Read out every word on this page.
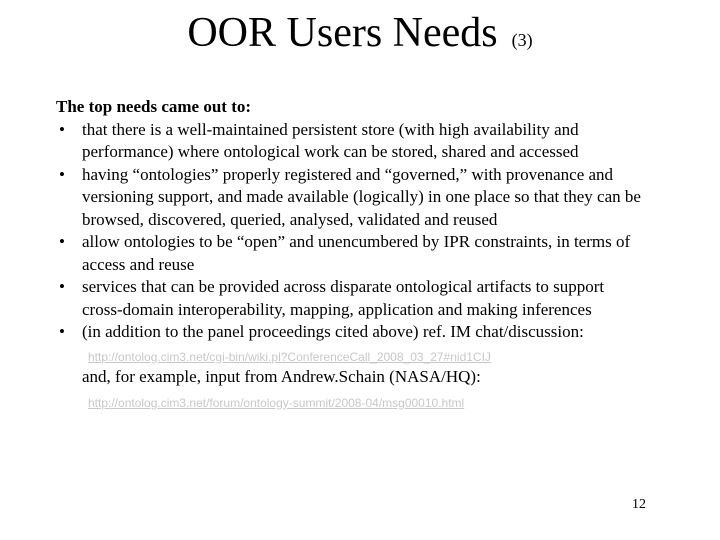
OOR Users Needs (3)
The top needs came out to:
• that there is a well-maintained persistent store (with high availability and performance) where ontological work can be stored, shared and accessed
• having “ontologies” properly registered and “governed,” with provenance and versioning support, and made available (logically) in one place so that they can be browsed, discovered, queried, analysed, validated and reused
• allow ontologies to be “open” and unencumbered by IPR constraints, in terms of access and reuse
• services that can be provided across disparate ontological artifacts to support cross-domain interoperability, mapping, application and making inferences
• (in addition to the panel proceedings cited above) ref. IM chat/discussion:
http://ontolog.cim3.net/cgi-bin/wiki.pl?ConferenceCall_2008_03_27#nid1CIJ
and, for example, input from Andrew.Schain (NASA/HQ):
http://ontolog.cim3.net/forum/ontology-summit/2008-04/msg00010.html
12
